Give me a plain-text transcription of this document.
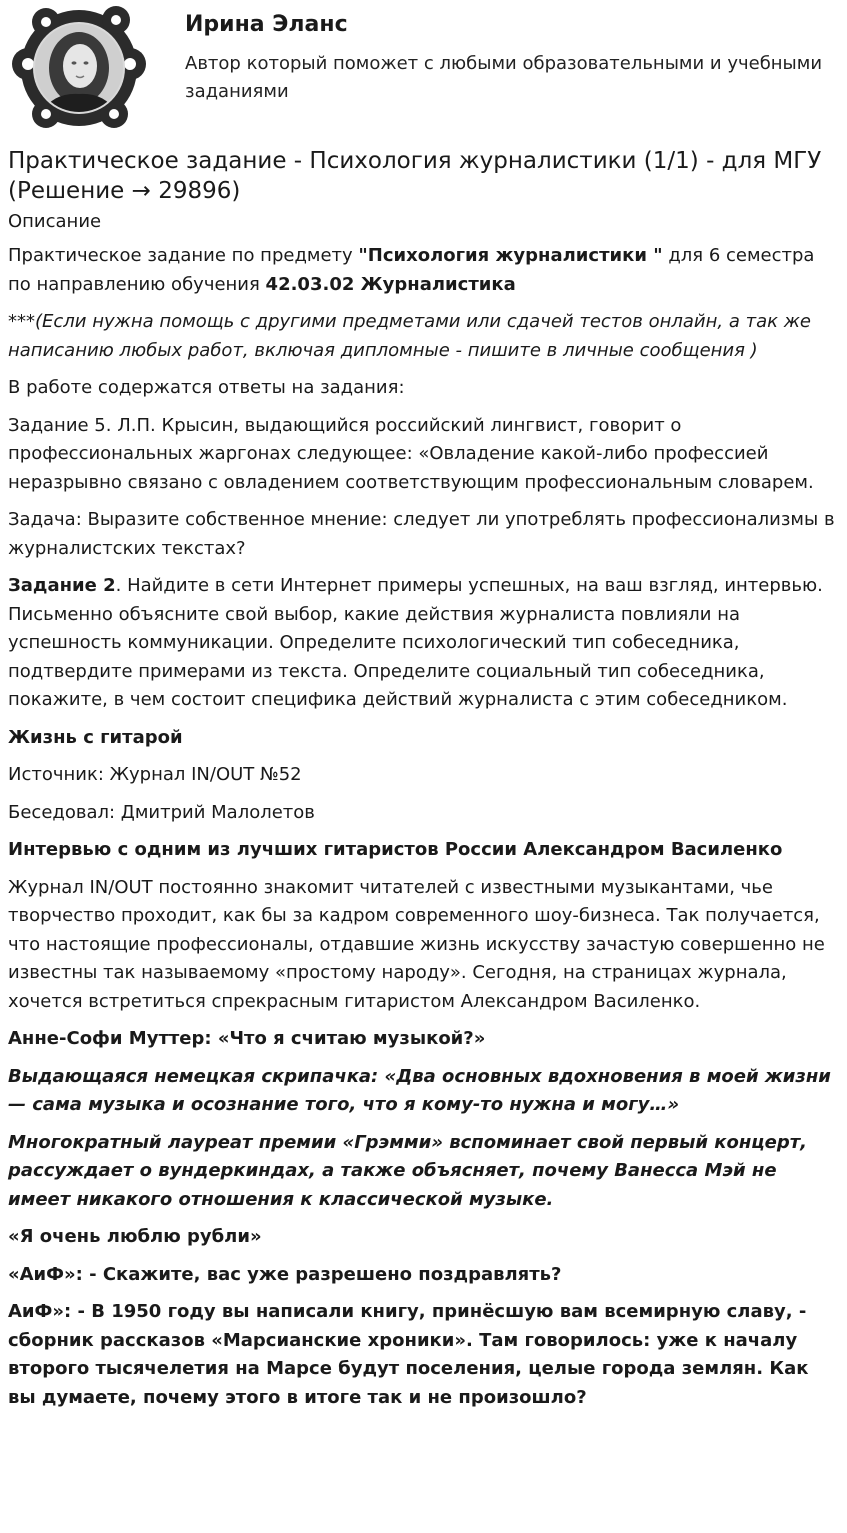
Ирина Эланс
Автор который поможет с любыми образовательными и учебными заданиями
Практическое задание - Психология журналистики (1/1) - для МГУ (Решение → 29896)
Описание

Практическое задание по предмету "Психология журналистики " для 6 семестра по направлению обучения 42.03.02 Журналистика

***(Если нужна помощь с другими предметами или сдачей тестов онлайн, а так же написанию любых работ, включая дипломные - пишите в личные сообщения )

В работе содержатся ответы на задания:

Задание 5. Л.П. Крысин, выдающийся российский лингвист, говорит о профессиональных жаргонах следующее: «Овладение какой-либо профессией неразрывно связано с овладением соответствующим профессиональным словарем.

Задача: Выразите собственное мнение: следует ли употреблять профессионализмы в журналистских текстах?

Задание 2. Найдите в сети Интернет примеры успешных, на ваш взгляд, интервью. Письменно объясните свой выбор, какие действия журналиста повлияли на успешность коммуникации. Определите психологический тип собеседника, подтвердите примерами из текста. Определите социальный тип собеседника, покажите, в чем состоит специфика действий журналиста с этим собеседником.

Жизнь с гитарой

Источник: Журнал IN/OUT №52

Беседовал: Дмитрий Малолетов

Интервью с одним из лучших гитаристов России Александром Василенко

Журнал IN/OUT постоянно знакомит читателей с известными музыкантами, чье творчество проходит, как бы за кадром современного шоу-бизнеса. Так получается, что настоящие профессионалы, отдавшие жизнь искусству зачастую совершенно не известны так называемому «простому народу». Сегодня, на страницах журнала, хочется встретиться спрекрасным гитаристом Александром Василенко.

Анне-Софи Муттер: «Что я считаю музыкой?»

Выдающаяся немецкая скрипачка: «Два основных вдохновения в моей жизни — сама музыка и осознание того, что я кому-то нужна и могу…»

Многократный лауреат премии «Грэмми» вспоминает свой первый концерт, рассуждает о вундеркиндах, а также объясняет, почему Ванесса Мэй не имеет никакого отношения к классической музыке.

«Я очень люблю рубли»

«АиФ»: - Скажите, вас уже разрешено поздравлять?

АиФ»: - В 1950 году вы написали книгу, принёсшую вам всемирную славу, - сборник рассказов «Марсианские хроники». Там говорилось: уже к началу второго тысячелетия на Марсе будут поселения, целые города землян. Как вы думаете, почему этого в итоге так и не произошло?
